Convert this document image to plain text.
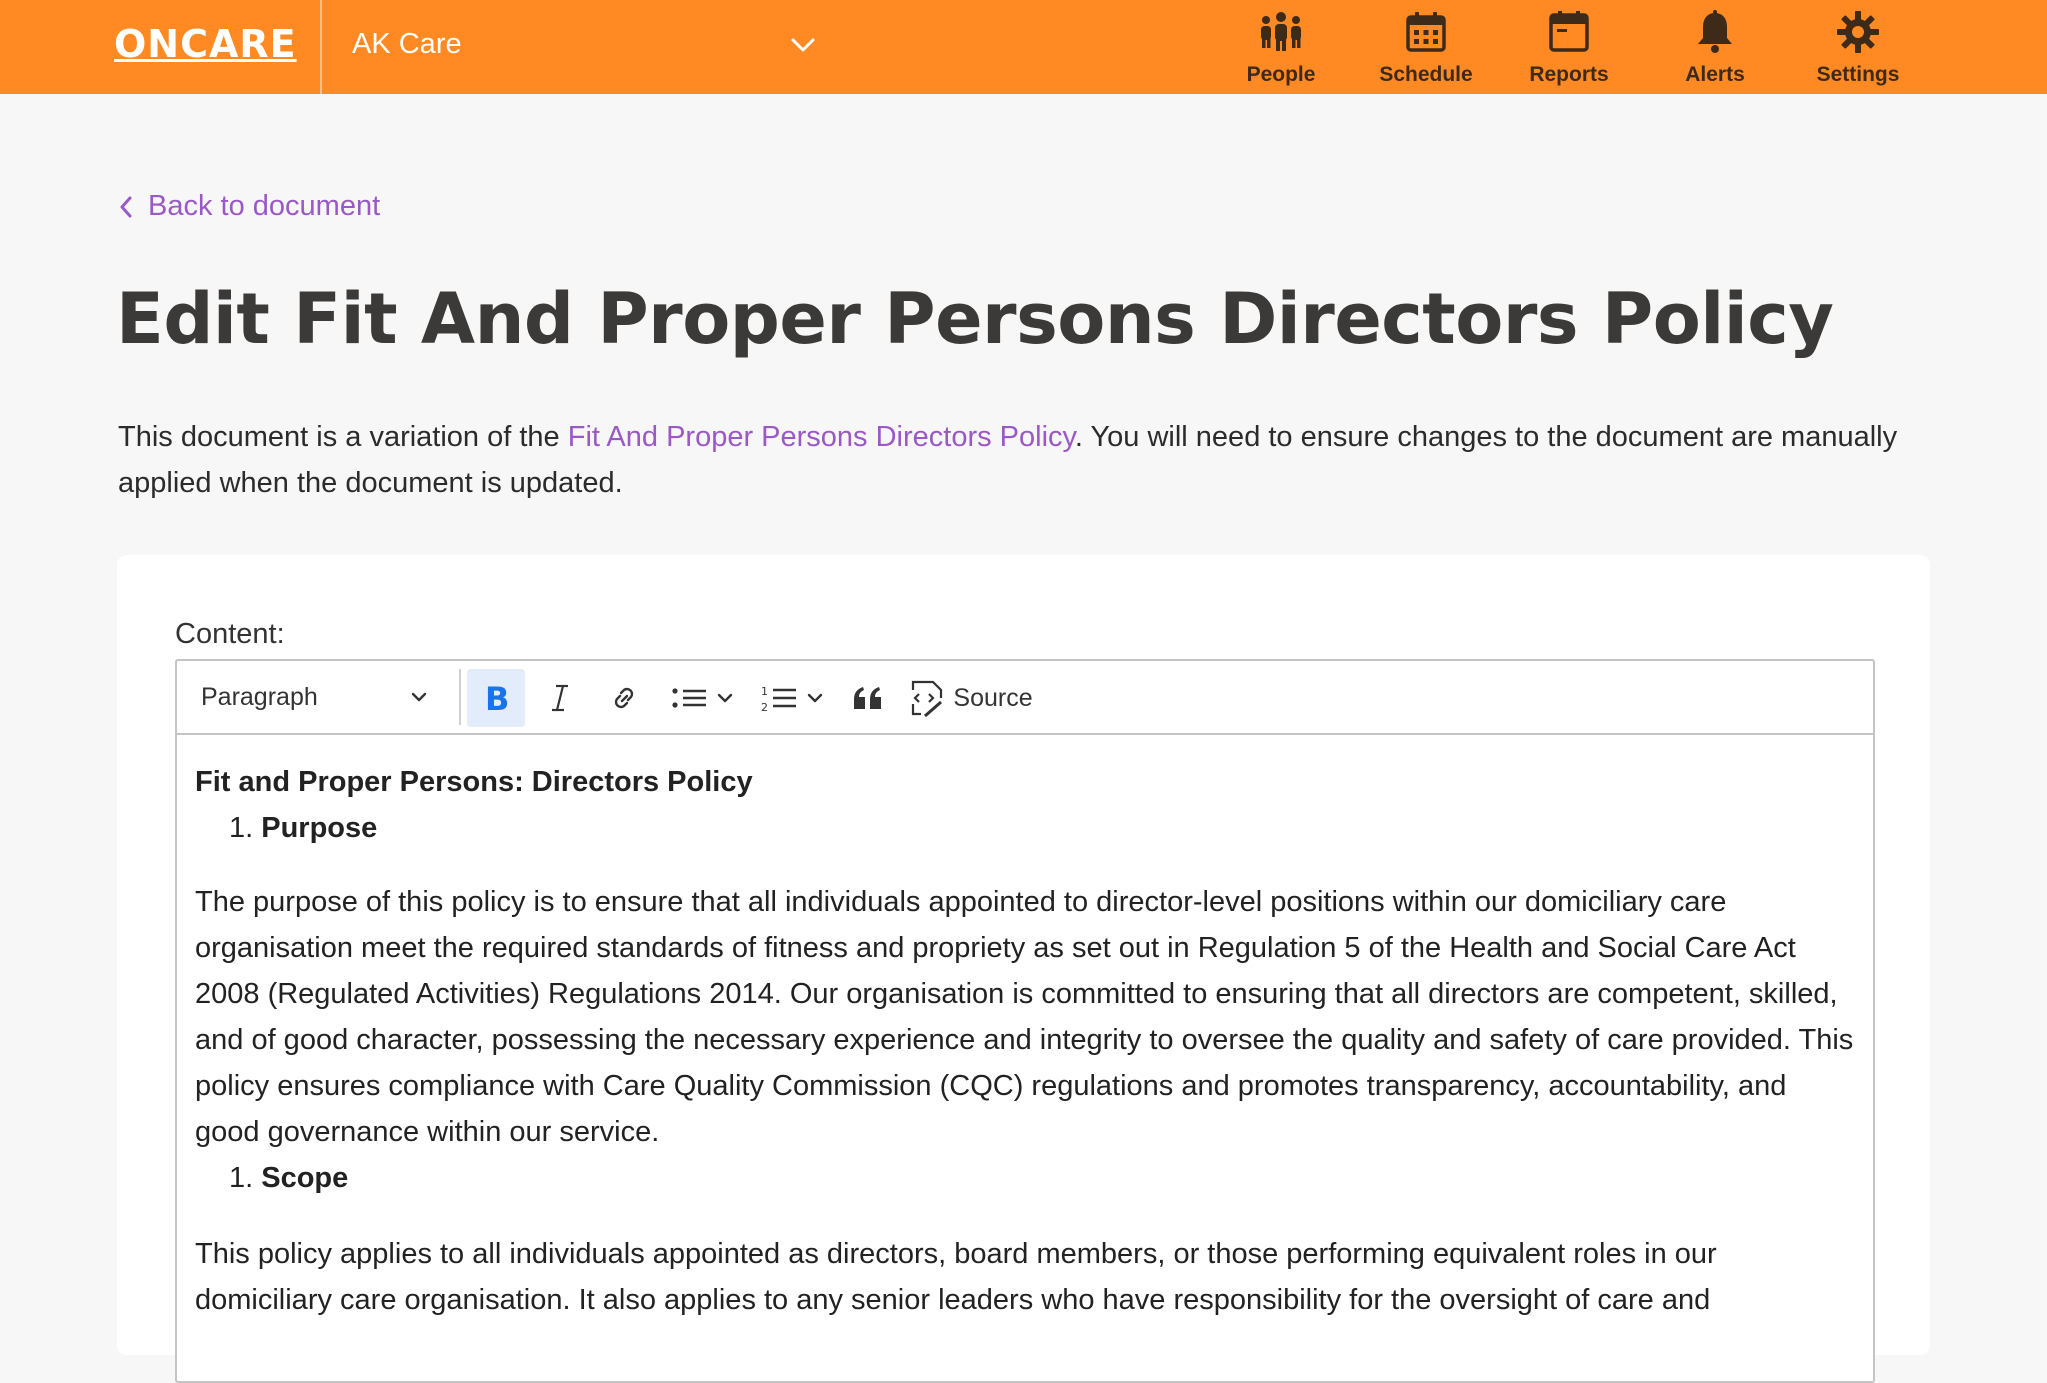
ONCARE AK Care
People	Schedule	Reports	Alerts	Settings
Back to document
Edit Fit And Proper Persons Directors Policy
This document is a variation of the Fit And Proper Persons Directors Policy. You will need to ensure changes to the document are manually applied when the document is updated.
Content:
Paragraph	B	1
2	Source

Fit and Proper Persons: Directors Policy

1. Purpose

The purpose of this policy is to ensure that all individuals appointed to director-level positions within our domiciliary care organisation meet the required standards of fitness and propriety as set out in Regulation 5 of the Health and Social Care Act 2008 (Regulated Activities) Regulations 2014. Our organisation is committed to ensuring that all directors are competent, skilled, and of good character, possessing the necessary experience and integrity to oversee the quality and safety of care provided. This policy ensures compliance with Care Quality Commission (CQC) regulations and promotes transparency, accountability, and good governance within our service.

1. Scope

This policy applies to all individuals appointed as directors, board members, or those performing equivalent roles in our domiciliary care organisation. It also applies to any senior leaders who have responsibility for the oversight of care and
